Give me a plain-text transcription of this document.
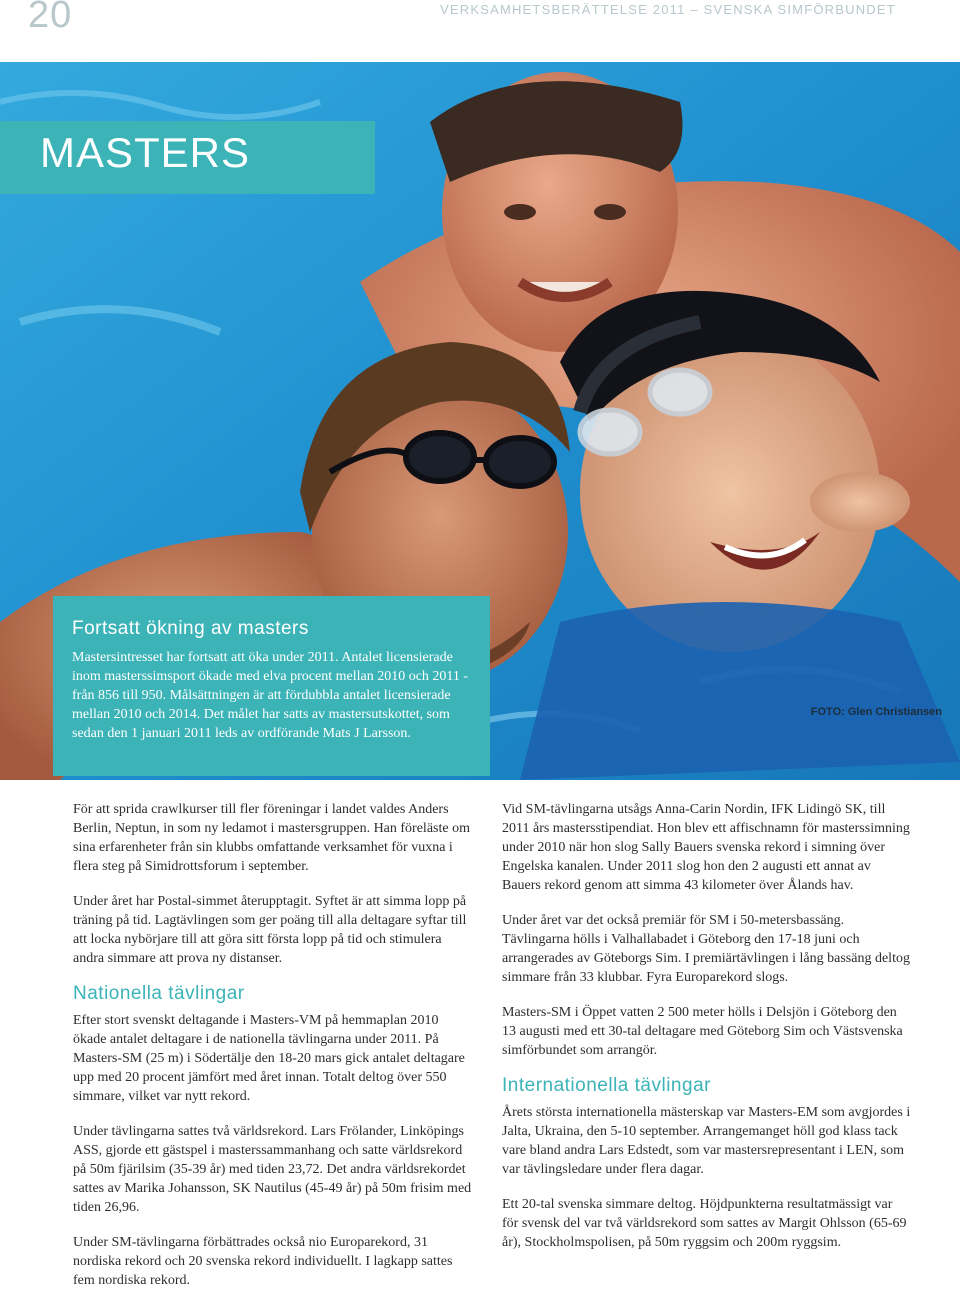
20	VERKSAMHETSBERÄTTELSE 2011 – SVENSKA SIMFÖRBUNDET
MASTERS
Fortsatt ökning av masters

Mastersintresset har fortsatt att öka under 2011. Antalet licensierade inom masterssimsport ökade med elva procent mellan 2010 och 2011 - från 856 till 950. Målsättningen är att fördubbla antalet licensierade mellan 2010 och 2014. Det målet har satts av mastersutskottet, som sedan den 1 januari 2011 leds av ordförande Mats J Larsson.

FOTO: Glen Christiansen

För att sprida crawlkurser till fler föreningar i landet valdes Anders Berlin, Neptun, in som ny ledamot i mastersgruppen. Han föreläste om sina erfarenheter från sin klubbs omfattande verksamhet för vuxna i flera steg på Simidrottsforum i september.

Under året har Postal-simmet återupptagit. Syftet är att simma lopp på träning på tid. Lagtävlingen som ger poäng till alla deltagare syftar till att locka nybörjare till att göra sitt första lopp på tid och stimulera andra simmare att prova ny distanser.

Nationella tävlingar

Efter stort svenskt deltagande i Masters-VM på hemmaplan 2010 ökade antalet deltagare i de nationella tävlingarna under 2011. På Masters-SM (25 m) i Södertälje den 18-20 mars gick antalet deltagare upp med 20 procent jämfört med året innan. Totalt deltog över 550 simmare, vilket var nytt rekord.

Under tävlingarna sattes två världsrekord. Lars Frölander, Linköpings ASS, gjorde ett gästspel i masterssammanhang och satte världsrekord på 50m fjärilsim (35-39 år) med tiden 23,72. Det andra världsrekordet sattes av Marika Johansson, SK Nautilus (45-49 år) på 50m frisim med tiden 26,96.

Under SM-tävlingarna förbättrades också nio Europarekord, 31 nordiska rekord och 20 svenska rekord individuellt. I lagkapp sattes fem nordiska rekord.

Vid SM-tävlingarna utsågs Anna-Carin Nordin, IFK Lidingö SK, till 2011 års mastersstipendiat. Hon blev ett affischnamn för masterssimning under 2010 när hon slog Sally Bauers svenska rekord i simning över Engelska kanalen. Under 2011 slog hon den 2 augusti ett annat av Bauers rekord genom att simma 43 kilometer över Ålands hav.

Under året var det också premiär för SM i 50-metersbassäng. Tävlingarna hölls i Valhallabadet i Göteborg den 17-18 juni och arrangerades av Göteborgs Sim. I premiärtävlingen i lång bassäng deltog simmare från 33 klubbar. Fyra Europarekord slogs.

Masters-SM i Öppet vatten 2 500 meter hölls i Delsjön i Göteborg den 13 augusti med ett 30-tal deltagare med Göteborg Sim och Västsvenska simförbundet som arrangör.

Internationella tävlingar

Årets största internationella mästerskap var Masters-EM som avgjordes i Jalta, Ukraina, den 5-10 september. Arrangemanget höll god klass tack vare bland andra Lars Edstedt, som var mastersrepresentant i LEN, som var tävlingsledare under flera dagar.

Ett 20-tal svenska simmare deltog. Höjdpunkterna resultatmässigt var för svensk del var två världsrekord som sattes av Margit Ohlsson (65-69 år), Stockholmspolisen, på 50m ryggsim och 200m ryggsim.
